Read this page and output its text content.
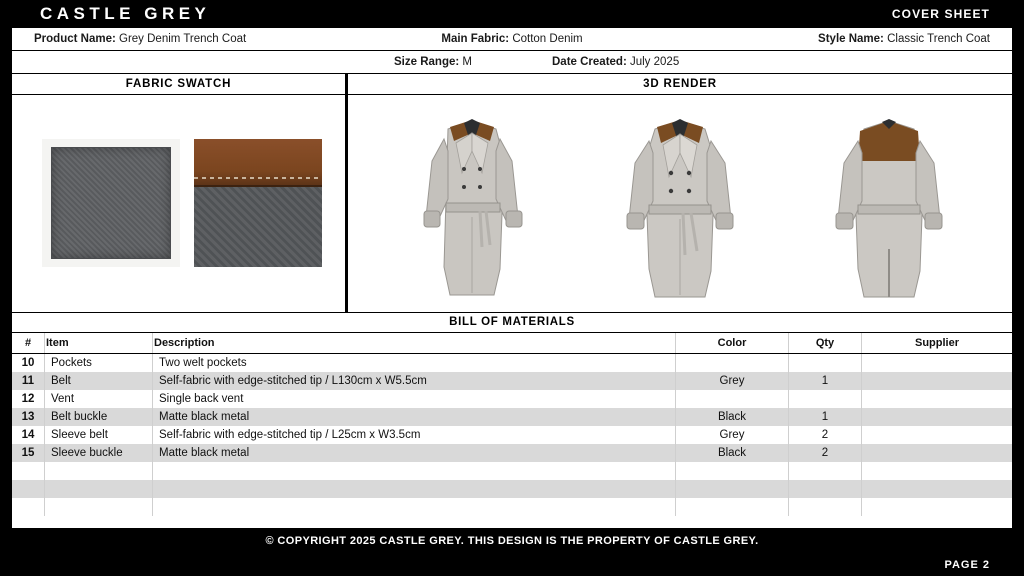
CASTLE GREY	COVER SHEET
Product Name: Grey Denim Trench Coat	Main Fabric: Cotton Denim	Style Name: Classic Trench Coat
Size Range: M	Date Created: July 2025
FABRIC SWATCH	3D RENDER
BILL OF MATERIALS
#	Item	Description	Color	Qty	Supplier
10	Pockets	Two welt pockets			
11	Belt	Self-fabric with edge-stitched tip / L130cm x W5.5cm	Grey	1	
12	Vent	Single back vent			
13	Belt buckle	Matte black metal	Black	1	
14	Sleeve belt	Self-fabric with edge-stitched tip / L25cm x W3.5cm	Grey	2	
15	Sleeve buckle	Matte black metal	Black	2	

© COPYRIGHT 2025 CASTLE GREY. THIS DESIGN IS THE PROPERTY OF CASTLE GREY.
PAGE 2
